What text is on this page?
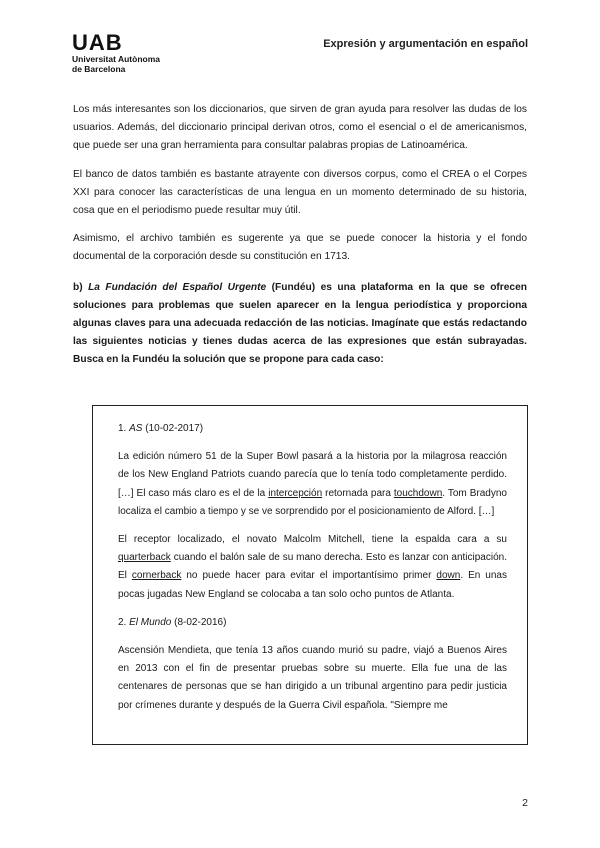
UAB
Universitat Autònoma
de Barcelona
Expresión y argumentación en español

Los más interesantes son los diccionarios, que sirven de gran ayuda para resolver las dudas de los usuarios. Además, del diccionario principal derivan otros, como el esencial o el de americanismos, que puede ser una gran herramienta para consultar palabras propias de Latinoamérica.

El banco de datos también es bastante atrayente con diversos corpus, como el CREA o el Corpes XXI para conocer las características de una lengua en un momento determinado de su historia, cosa que en el periodismo puede resultar muy útil.

Asimismo, el archivo también es sugerente ya que se puede conocer la historia y el fondo documental de la corporación desde su constitución en 1713.

b) La Fundación del Español Urgente (Fundéu) es una plataforma en la que se ofrecen soluciones para problemas que suelen aparecer en la lengua periodística y proporciona algunas claves para una adecuada redacción de las noticias. Imagínate que estás redactando las siguientes noticias y tienes dudas acerca de las expresiones que están subrayadas. Busca en la Fundéu la solución que se propone para cada caso:

1. AS (10-02-2017)

La edición número 51 de la Super Bowl pasará a la historia por la milagrosa reacción de los New England Patriots cuando parecía que lo tenía todo completamente perdido. […] El caso más claro es el de la intercepción retornada para touchdown. Tom Bradyno localiza el cambio a tiempo y se ve sorprendido por el posicionamiento de Alford. […]

El receptor localizado, el novato Malcolm Mitchell, tiene la espalda cara a su quarterback cuando el balón sale de su mano derecha. Esto es lanzar con anticipación. El cornerback no puede hacer para evitar el importantísimo primer down. En unas pocas jugadas New England se colocaba a tan solo ocho puntos de Atlanta.

2. El Mundo (8-02-2016)

Ascensión Mendieta, que tenía 13 años cuando murió su padre, viajó a Buenos Aires en 2013 con el fin de presentar pruebas sobre su muerte. Ella fue una de las centenares de personas que se han dirigido a un tribunal argentino para pedir justicia por crímenes durante y después de la Guerra Civil española. "Siempre me

2
